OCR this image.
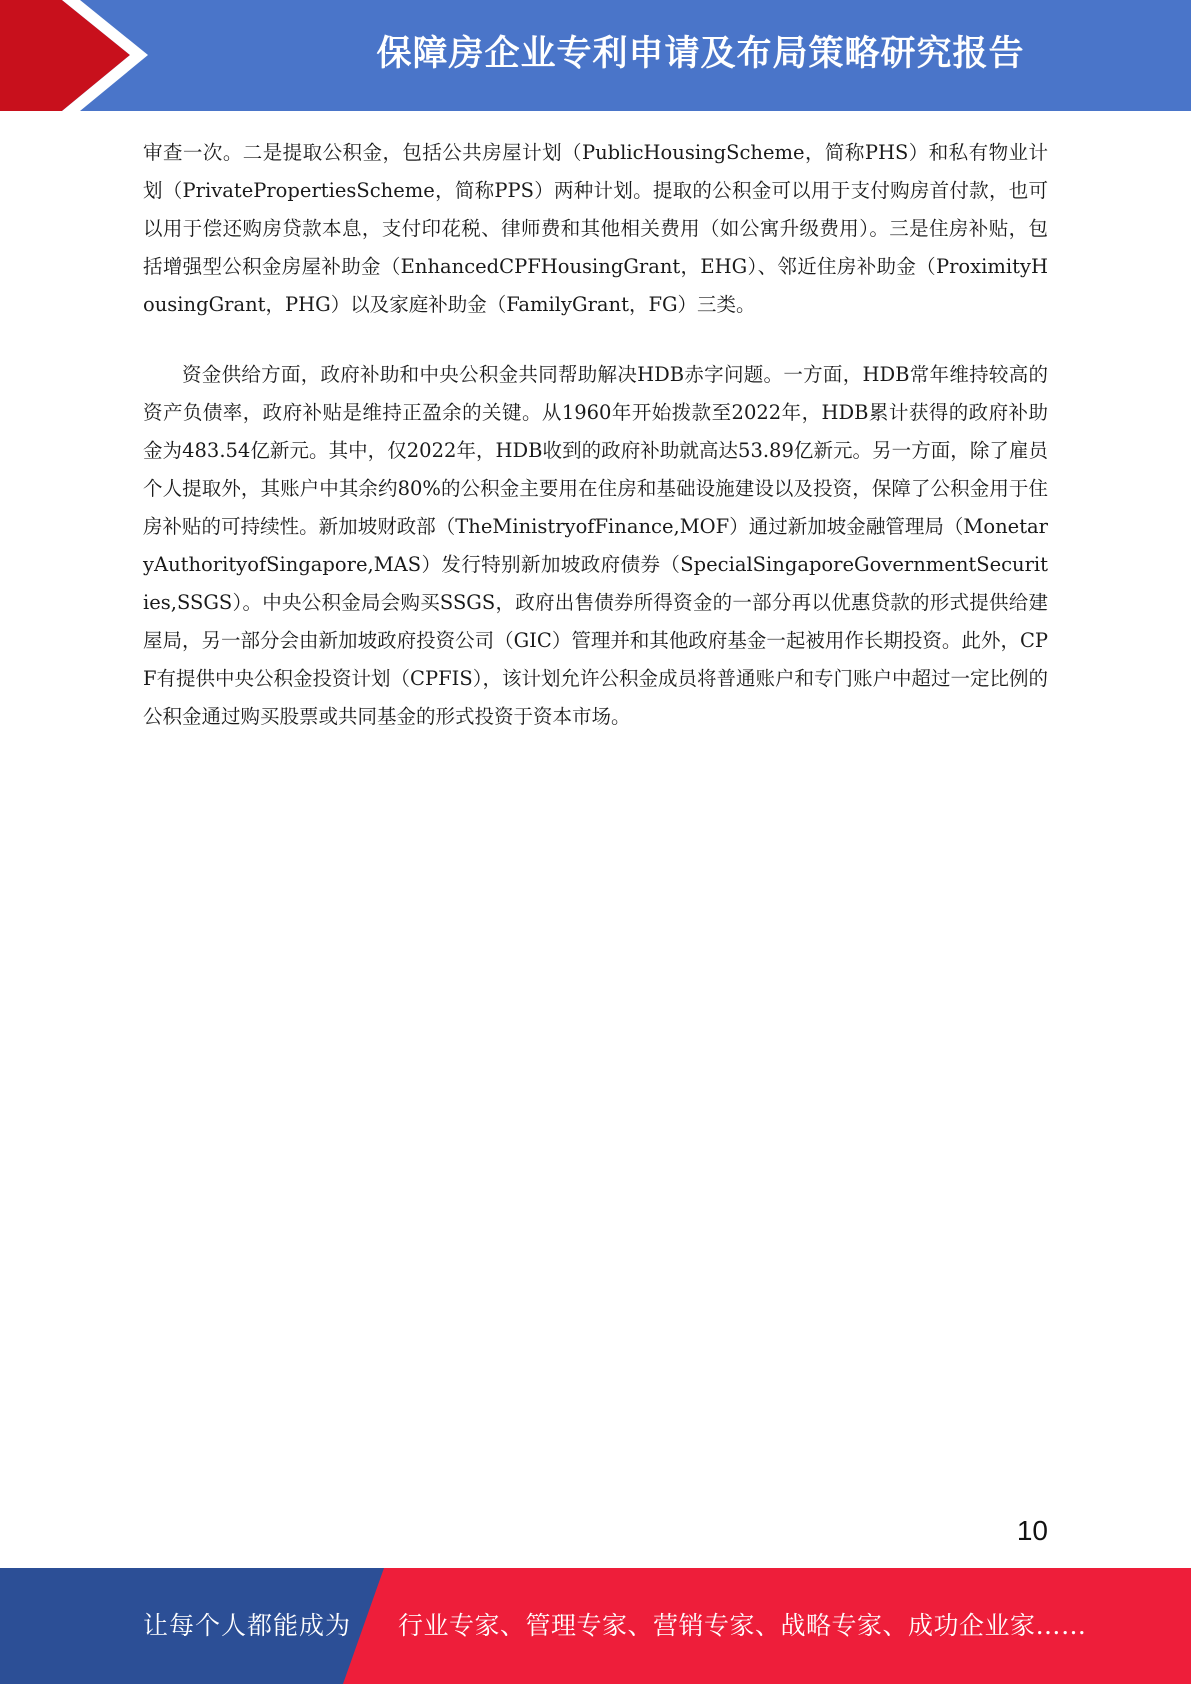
保障房企业专利申请及布局策略研究报告

审查一次。二是提取公积金，包括公共房屋计划（PublicHousingScheme，简称PHS）和私有物业计划（PrivatePropertiesScheme，简称PPS）两种计划。提取的公积金可以用于支付购房首付款，也可以用于偿还购房贷款本息，支付印花税、律师费和其他相关费用（如公寓升级费用）。三是住房补贴，包括增强型公积金房屋补助金（EnhancedCPFHousingGrant，EHG）、邻近住房补助金（ProximityHousingGrant，PHG）以及家庭补助金（FamilyGrant，FG）三类。

资金供给方面，政府补助和中央公积金共同帮助解决HDB赤字问题。一方面，HDB常年维持较高的资产负债率，政府补贴是维持正盈余的关键。从1960年开始拨款至2022年，HDB累计获得的政府补助金为483.54亿新元。其中，仅2022年，HDB收到的政府补助就高达53.89亿新元。另一方面，除了雇员个人提取外，其账户中其余约80%的公积金主要用在住房和基础设施建设以及投资，保障了公积金用于住房补贴的可持续性。新加坡财政部（TheMinistryofFinance,MOF）通过新加坡金融管理局（MonetaryAuthorityofSingapore,MAS）发行特别新加坡政府债券（SpecialSingaporeGovernmentSecurities,SSGS）。中央公积金局会购买SSGS，政府出售债券所得资金的一部分再以优惠贷款的形式提供给建屋局，另一部分会由新加坡政府投资公司（GIC）管理并和其他政府基金一起被用作长期投资。此外，CPF有提供中央公积金投资计划（CPFIS），该计划允许公积金成员将普通账户和专门账户中超过一定比例的公积金通过购买股票或共同基金的形式投资于资本市场。

10
让每个人都能成为 行业专家、管理专家、营销专家、战略专家、成功企业家……
